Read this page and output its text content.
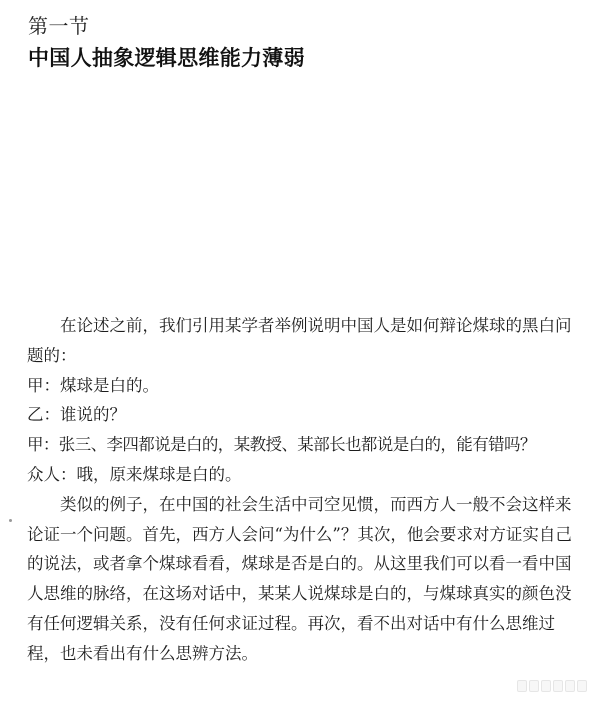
第一节
中国人抽象逻辑思维能力薄弱

在论述之前，我们引用某学者举例说明中国人是如何辩论煤球的黑白问题的：

甲：煤球是白的。

乙：谁说的？

甲：张三、李四都说是白的，某教授、某部长也都说是白的，能有错吗？

众人：哦，原来煤球是白的。

类似的例子，在中国的社会生活中司空见惯，而西方人一般不会这样来论证一个问题。首先，西方人会问“为什么”？其次，他会要求对方证实自己的说法，或者拿个煤球看看，煤球是否是白的。从这里我们可以看一看中国人思维的脉络，在这场对话中，某某人说煤球是白的，与煤球真实的颜色没有任何逻辑关系，没有任何求证过程。再次，看不出对话中有什么思维过程，也未看出有什么思辨方法。
